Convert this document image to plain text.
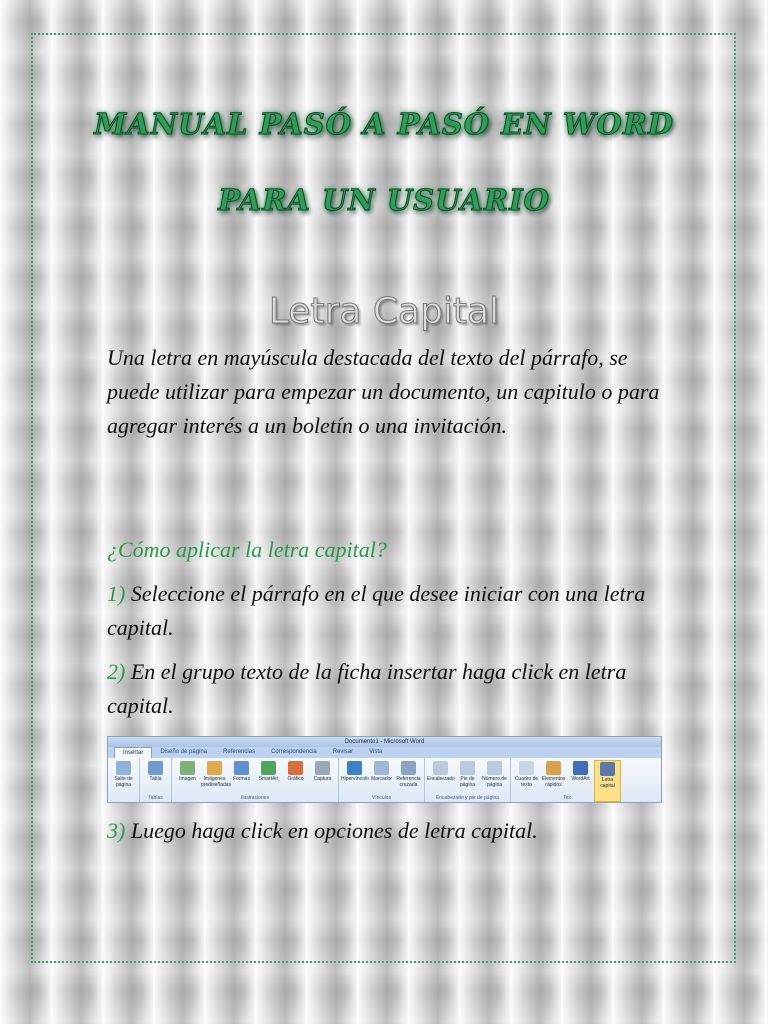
MANUAL PASÓ A PASÓ EN WORD
PARA UN USUARIO
Letra Capital

Una letra en mayúscula destacada del texto del párrafo, se puede utilizar para empezar un documento, un capitulo o para agregar interés a un boletín o una invitación.

¿Cómo aplicar la letra capital?

1) Seleccione el párrafo en el que desee iniciar con una letra capital.

2) En el grupo texto de la ficha insertar haga click en letra capital.

Documento1 - Microsoft Word
Insertar	Diseño de página	Referencias	Correspondencia	Revisar	Vista
Salto de página
Tabla
Tablas
Imagen	Imágenes prediseñadas
Formas	SmartArt	Gráfico	Captura
Ilustraciones
Hipervínculo Marcador Referencia cruzada
Vínculos
Encabezado	Pie de página
Número de página
Encabezado y pie de página
Cuadro de texto
Elementos rápidos
WordArt	Letra capital
Tex

3) Luego haga click en opciones de letra capital.
